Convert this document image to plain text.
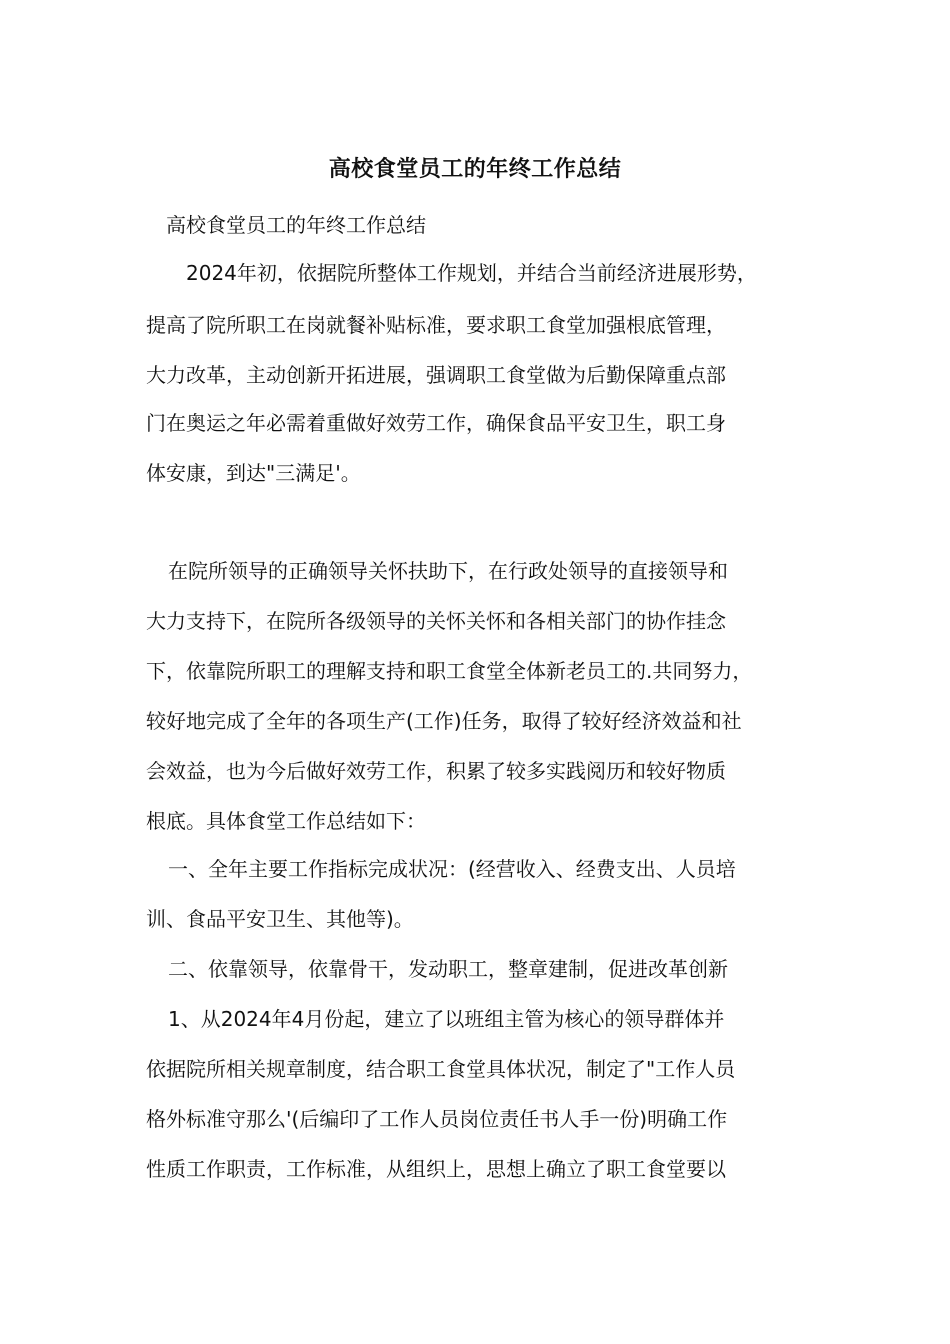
高校食堂员工的年终工作总结
高校食堂员工的年终工作总结
2024年初，依据院所整体工作规划，并结合当前经济进展形势，
提高了院所职工在岗就餐补贴标准，要求职工食堂加强根底管理，
大力改革，主动创新开拓进展，强调职工食堂做为后勤保障重点部
门在奥运之年必需着重做好效劳工作，确保食品平安卫生，职工身
体安康，到达"三满足'。
在院所领导的正确领导关怀扶助下，在行政处领导的直接领导和
大力支持下，在院所各级领导的关怀关怀和各相关部门的协作挂念
下，依靠院所职工的理解支持和职工食堂全体新老员工的.共同努力，
较好地完成了全年的各项生产(工作)任务，取得了较好经济效益和社
会效益，也为今后做好效劳工作，积累了较多实践阅历和较好物质
根底。具体食堂工作总结如下：
一、全年主要工作指标完成状况：(经营收入、经费支出、人员培
训、食品平安卫生、其他等)。
二、依靠领导，依靠骨干，发动职工，整章建制，促进改革创新
1、从2024年4月份起，建立了以班组主管为核心的领导群体并
依据院所相关规章制度，结合职工食堂具体状况，制定了"工作人员
格外标准守那么'(后编印了工作人员岗位责任书人手一份)明确工作
性质工作职责，工作标准，从组织上，思想上确立了职工食堂要以
